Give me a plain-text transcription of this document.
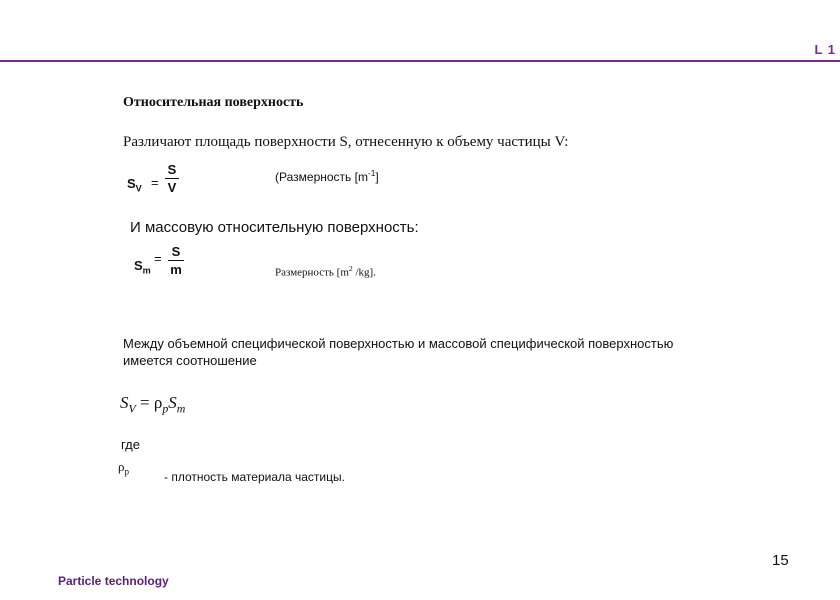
L 1
Относительная поверхность
Различают площадь поверхности S, отнесенную к объему частицы V:
$S_V$ =
S
V
(Размерность $[m^{-1}]$
И массовую относительную поверхность:
$S_m$
= S
m	Размерность [$m^2$ /kg].
Между объемной специфической поверхностью и массовой специфической поверхностью имеется соотношение
$S_V = \rho_pS_m$
где
$\rho_p$	- плотность материала частицы.
15
Particle technology
